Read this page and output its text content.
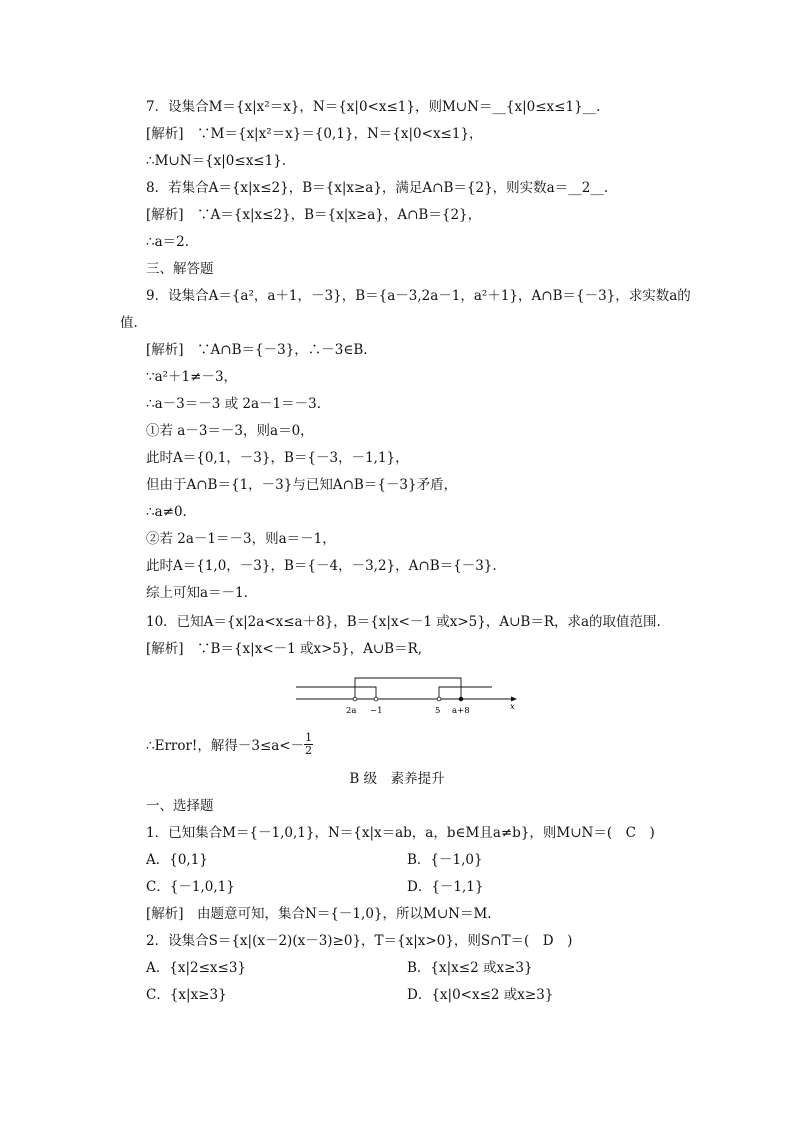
7．设集合M＝{x|x²＝x}，N＝{x|0<x≤1}，则M∪N＝__{x|0≤x≤1}__.
[解析]　∵M＝{x|x²＝x}＝{0,1}，N＝{x|0<x≤1}，
∴M∪N＝{x|0≤x≤1}.
8．若集合A＝{x|x≤2}，B＝{x|x≥a}，满足A∩B＝{2}，则实数a＝__2__.
[解析]　∵A＝{x|x≤2}，B＝{x|x≥a}，A∩B＝{2}，
∴a＝2.
三、解答题
9．设集合A＝{a²，a＋1，－3}，B＝{a－3,2a－1，a²＋1}，A∩B＝{－3}，求实数a的
值.
[解析]　∵A∩B＝{－3}，∴－3∈B.
∵a²＋1≠－3，
∴a－3＝－3 或 2a－1＝－3.
①若 a－3＝－3，则a＝0，
此时A＝{0,1，－3}，B＝{－3，－1,1}，
但由于A∩B＝{1，－3}与已知A∩B＝{－3}矛盾，
∴a≠0.
②若 2a－1＝－3，则a＝－1，
此时A＝{1,0，－3}，B＝{－4，－3,2}，A∩B＝{－3}.
综上可知a＝－1.
10．已知A＝{x|2a<x≤a＋8}，B＝{x|x<－1 或x>5}，A∪B＝R，求a的取值范围.
[解析]　∵B＝{x|x<－1 或x>5}，A∪B＝R,
2a −1	5 a+8	x
∴Error!，解得$-3\le a<- \frac{1}{2}$
B 级　素养提升
一、选择题
1．已知集合M＝{－1,0,1}，N＝{x|x＝ab，a，b∈M且a≠b}，则M∪N＝(　C　)
A．{0,1}	B．{－1,0}
C．{－1,0,1}	D．{－1,1}
[解析]　由题意可知，集合N＝{－1,0}，所以M∪N＝M.
2．设集合S＝{x|(x－2)(x－3)≥0}，T＝{x|x>0}，则S∩T＝(　D　)
A．{x|2≤x≤3}	B．{x|x≤2 或x≥3}
C．{x|x≥3}	D．{x|0<x≤2 或x≥3}
